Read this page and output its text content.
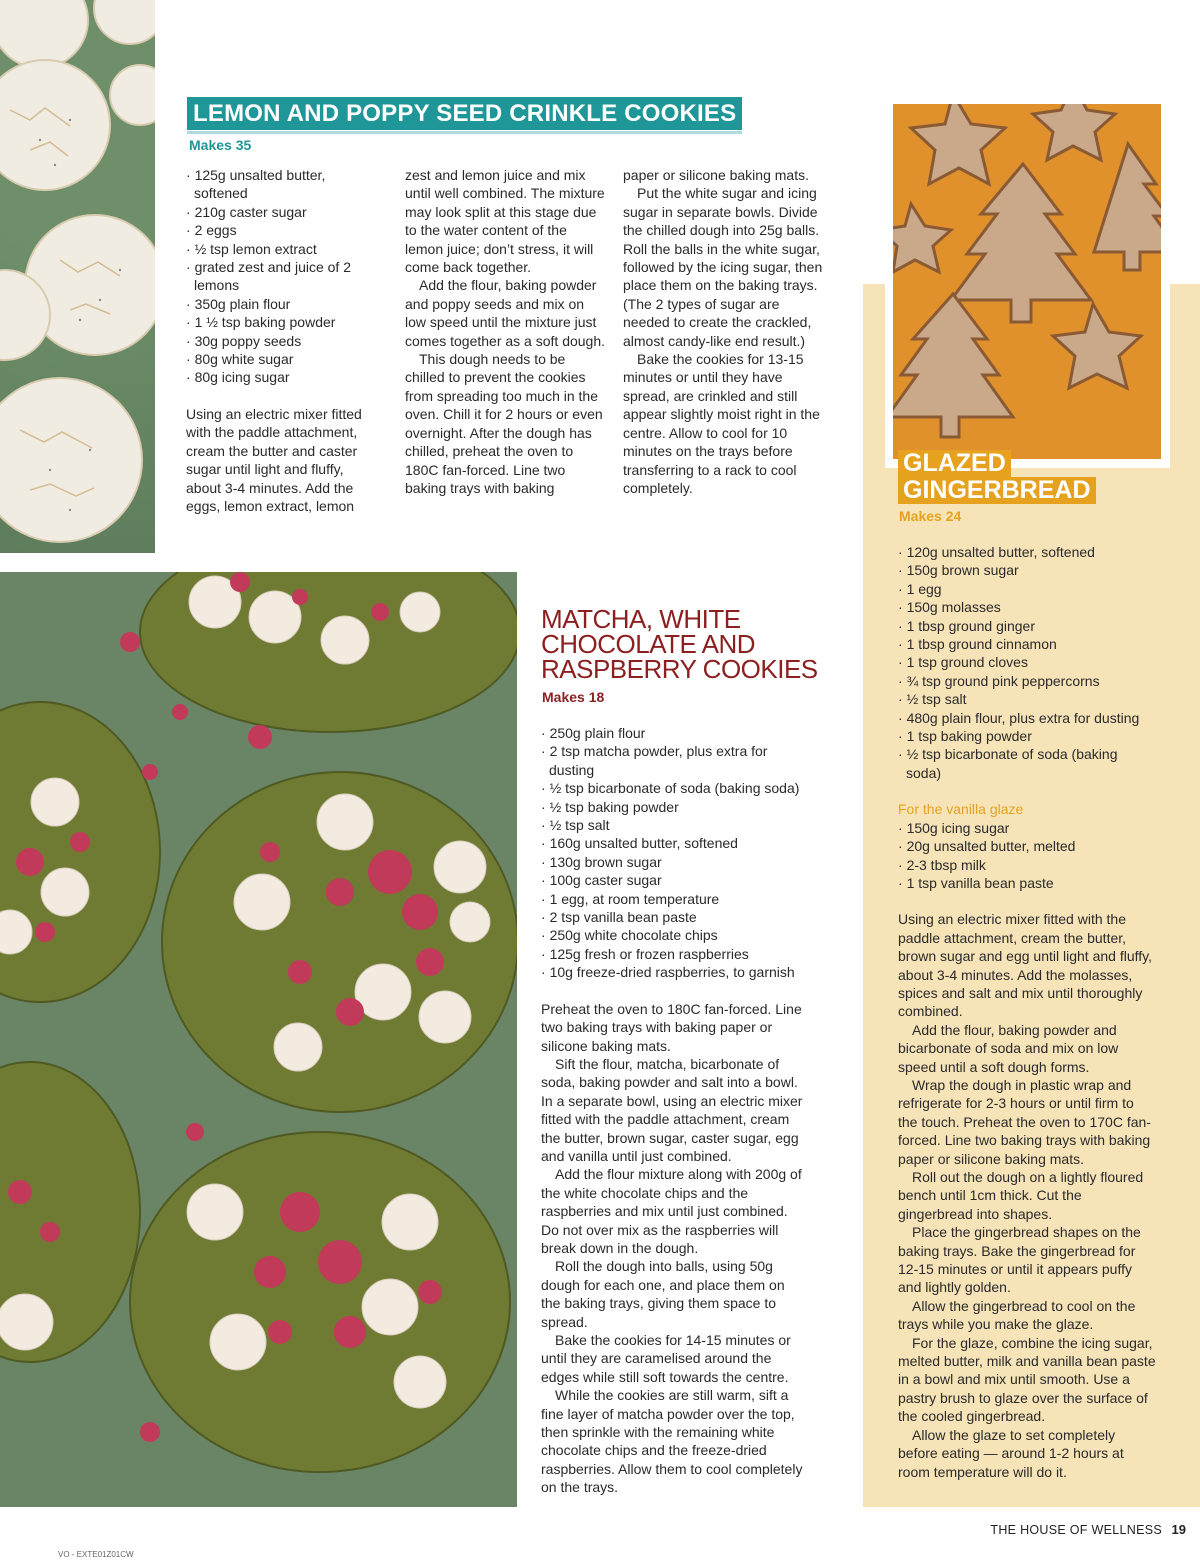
LEMON AND POPPY SEED CRINKLE COOKIES
Makes 35
· 125g unsalted butter, softened
· 210g caster sugar
· 2 eggs
· ½ tsp lemon extract
· grated zest and juice of 2 lemons
· 350g plain flour
· 1 ½ tsp baking powder
· 30g poppy seeds
· 80g white sugar
· 80g icing sugar

Using an electric mixer fitted with the paddle attachment, cream the butter and caster sugar until light and fluffy, about 3-4 minutes. Add the eggs, lemon extract, lemon

zest and lemon juice and mix until well combined. The mixture may look split at this stage due to the water content of the lemon juice; don’t stress, it will come back together.

Add the flour, baking powder and poppy seeds and mix on low speed until the mixture just comes together as a soft dough.

This dough needs to be chilled to prevent the cookies from spreading too much in the oven. Chill it for 2 hours or even overnight. After the dough has chilled, preheat the oven to 180C fan-forced. Line two baking trays with baking

paper or silicone baking mats.

Put the white sugar and icing sugar in separate bowls. Divide the chilled dough into 25g balls. Roll the balls in the white sugar, followed by the icing sugar, then place them on the baking trays. (The 2 types of sugar are needed to create the crackled, almost candy-like end result.)

Bake the cookies for 13-15 minutes or until they have spread, are crinkled and still appear slightly moist right in the centre. Allow to cool for 10 minutes on the trays before transferring to a rack to cool completely.

GLAZED
GINGERBREAD
Makes 24
· 120g unsalted butter, softened
· 150g brown sugar
· 1 egg
· 150g molasses
· 1 tbsp ground ginger
· 1 tbsp ground cinnamon
· 1 tsp ground cloves
· ¾ tsp ground pink peppercorns
· ½ tsp salt
· 480g plain flour, plus extra for dusting
· 1 tsp baking powder
· ½ tsp bicarbonate of soda (baking soda)

For the vanilla glaze

· 150g icing sugar
· 20g unsalted butter, melted
· 2-3 tbsp milk
· 1 tsp vanilla bean paste

Using an electric mixer fitted with the paddle attachment, cream the butter, brown sugar and egg until light and fluffy, about 3-4 minutes. Add the molasses, spices and salt and mix until thoroughly combined.

Add the flour, baking powder and bicarbonate of soda and mix on low speed until a soft dough forms.

Wrap the dough in plastic wrap and refrigerate for 2-3 hours or until firm to the touch. Preheat the oven to 170C fan-forced. Line two baking trays with baking paper or silicone baking mats.

Roll out the dough on a lightly floured bench until 1cm thick. Cut the gingerbread into shapes.

Place the gingerbread shapes on the baking trays. Bake the gingerbread for 12-15 minutes or until it appears puffy and lightly golden.

Allow the gingerbread to cool on the trays while you make the glaze.

For the glaze, combine the icing sugar, melted butter, milk and vanilla bean paste in a bowl and mix until smooth. Use a pastry brush to glaze over the surface of the cooled gingerbread.

Allow the glaze to set completely before eating — around 1-2 hours at room temperature will do it.

MATCHA, WHITE
CHOCOLATE AND
RASPBERRY COOKIES
Makes 18
· 250g plain flour
· 2 tsp matcha powder, plus extra for dusting
· ½ tsp bicarbonate of soda (baking soda)
· ½ tsp baking powder
· ½ tsp salt
· 160g unsalted butter, softened
· 130g brown sugar
· 100g caster sugar
· 1 egg, at room temperature
· 2 tsp vanilla bean paste
· 250g white chocolate chips
· 125g fresh or frozen raspberries
· 10g freeze-dried raspberries, to garnish

Preheat the oven to 180C fan-forced. Line two baking trays with baking paper or silicone baking mats.

Sift the flour, matcha, bicarbonate of soda, baking powder and salt into a bowl. In a separate bowl, using an electric mixer fitted with the paddle attachment, cream the butter, brown sugar, caster sugar, egg and vanilla until just combined.

Add the flour mixture along with 200g of the white chocolate chips and the raspberries and mix until just combined. Do not over mix as the raspberries will break down in the dough.

Roll the dough into balls, using 50g dough for each one, and place them on the baking trays, giving them space to spread.

Bake the cookies for 14-15 minutes or until they are caramelised around the edges while still soft towards the centre.

While the cookies are still warm, sift a fine layer of matcha powder over the top, then sprinkle with the remaining white chocolate chips and the freeze-dried raspberries. Allow them to cool completely on the trays.

THE HOUSE OF WELLNESS 19
VO - EXTE01Z01CW
